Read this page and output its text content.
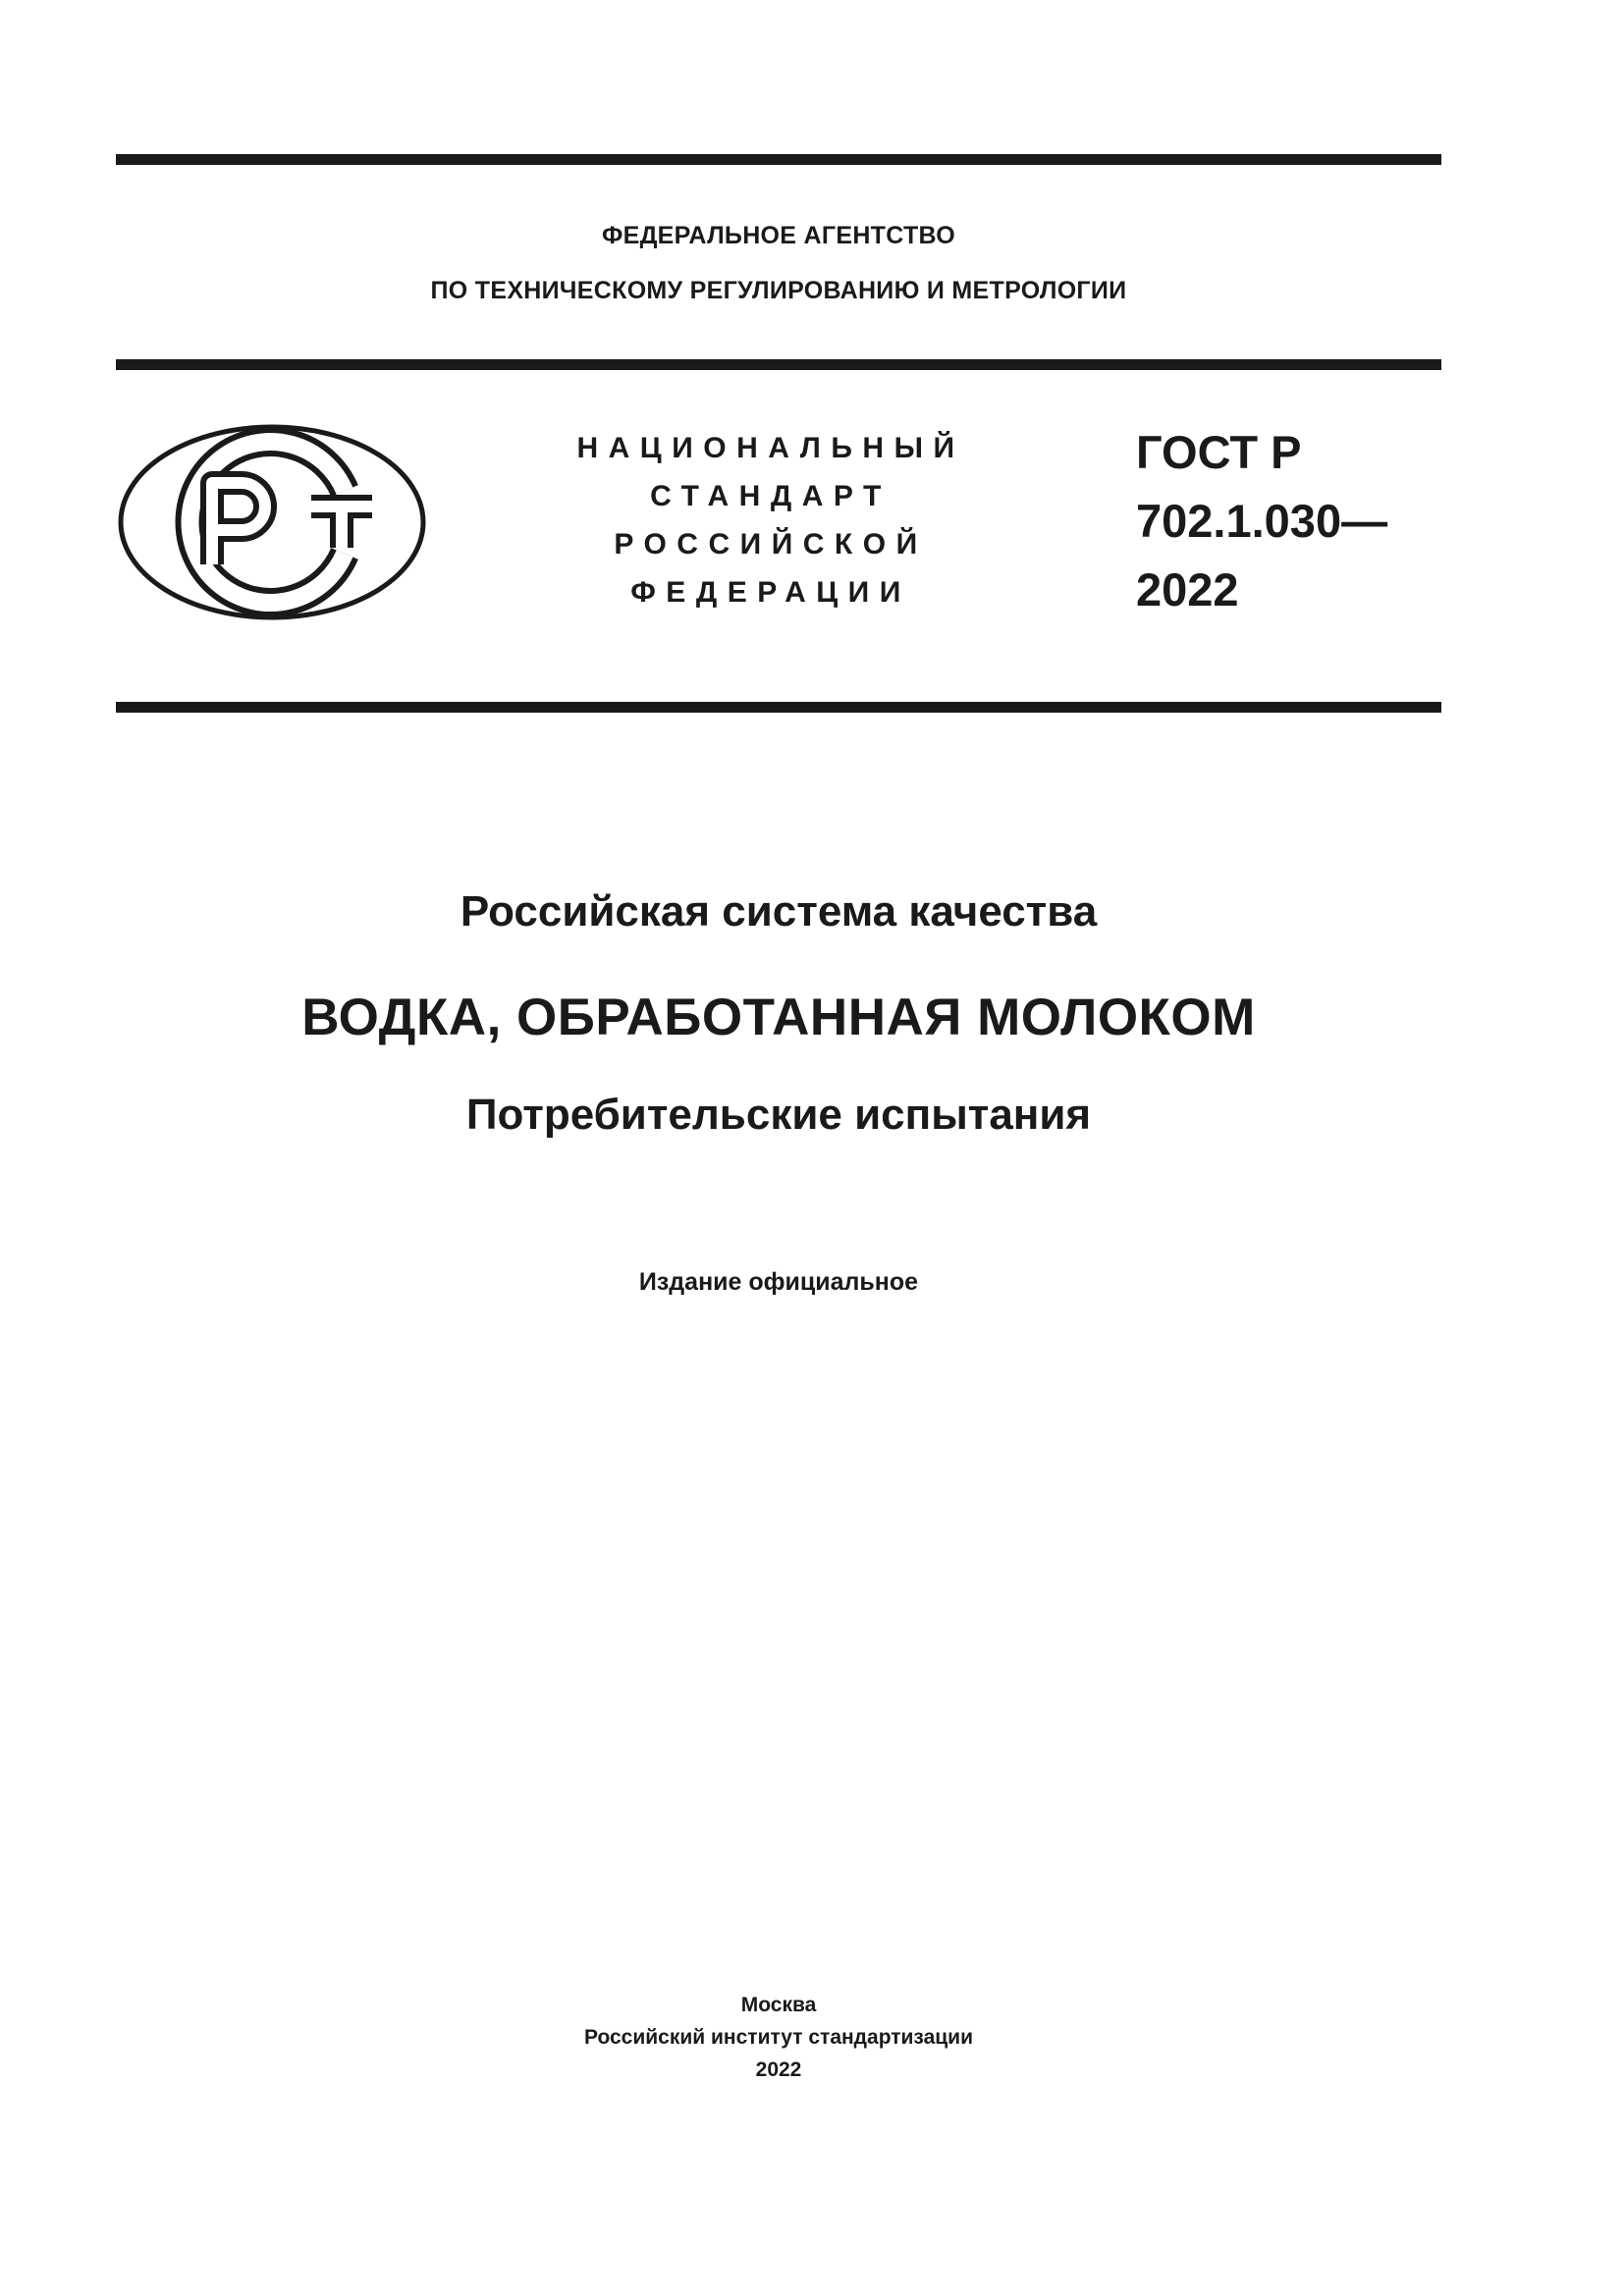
ФЕДЕРАЛЬНОЕ АГЕНТСТВО
ПО ТЕХНИЧЕСКОМУ РЕГУЛИРОВАНИЮ И МЕТРОЛОГИИ
НАЦИОНАЛЬНЫЙ
СТАНДАРТ
РОССИЙСКОЙ
ФЕДЕРАЦИИ
ГОСТ Р
702.1.030—
2022
Российская система качества
ВОДКА, ОБРАБОТАННАЯ МОЛОКОМ
Потребительские испытания
Издание официальное
Москва
Российский институт стандартизации
2022
